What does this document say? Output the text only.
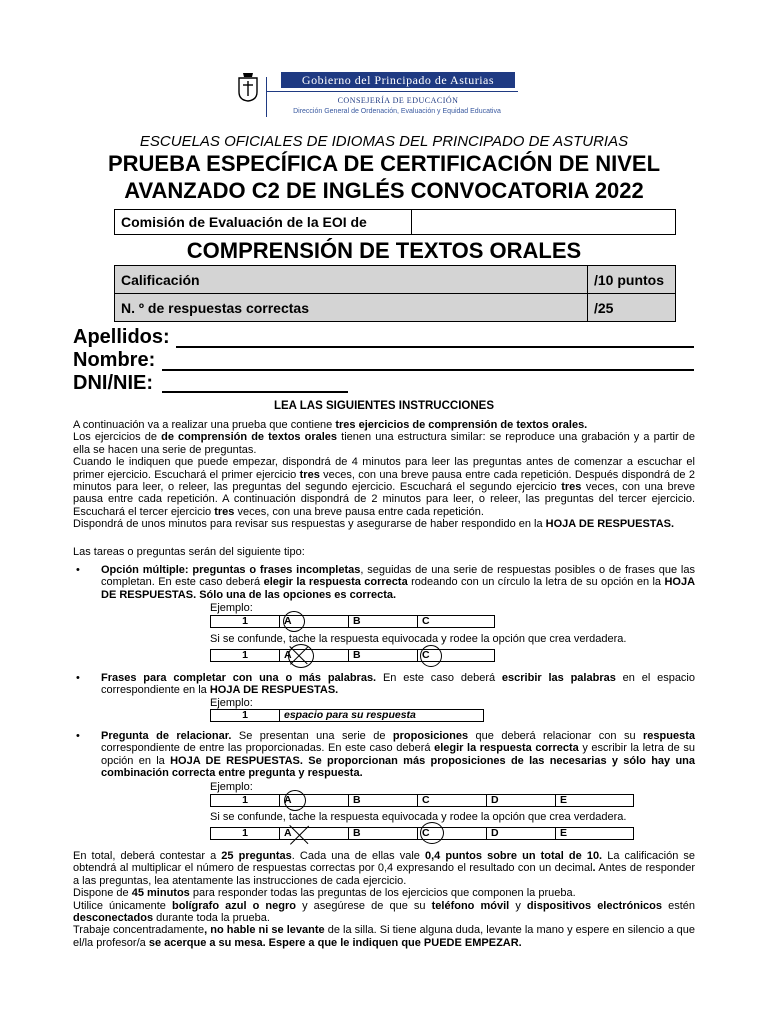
Gobierno del Principado de Asturias
CONSEJERÍA DE EDUCACIÓN
Dirección General de Ordenación, Evaluación y Equidad Educativa
ESCUELAS OFICIALES DE IDIOMAS DEL PRINCIPADO DE ASTURIAS
PRUEBA ESPECÍFICA DE CERTIFICACIÓN DE NIVEL
AVANZADO C2 DE INGLÉS CONVOCATORIA 2022
Comisión de Evaluación de la EOI de	
COMPRENSIÓN DE TEXTOS ORALES
Calificación	/10 puntos
N. º de respuestas correctas	/25
Apellidos:
Nombre:
DNI/NIE:
LEA LAS SIGUIENTES INSTRUCCIONES
A continuación va a realizar una prueba que contiene tres ejercicios de comprensión de textos orales.
Los ejercicios de de comprensión de textos orales tienen una estructura similar: se reproduce una grabación y a partir de ella se hacen una serie de preguntas.
Cuando le indiquen que puede empezar, dispondrá de 4 minutos para leer las preguntas antes de comenzar a escuchar el primer ejercicio. Escuchará el primer ejercicio tres veces, con una breve pausa entre cada repetición. Después dispondrá de 2 minutos para leer, o releer, las preguntas del segundo ejercicio. Escuchará el segundo ejercicio tres veces, con una breve pausa entre cada repetición. A continuación dispondrá de 2 minutos para leer, o releer, las preguntas del tercer ejercicio. Escuchará el tercer ejercicio tres veces, con una breve pausa entre cada repetición.
Dispondrá de unos minutos para revisar sus respuestas y asegurarse de haber respondido en la HOJA DE RESPUESTAS.
Las tareas o preguntas serán del siguiente tipo:
• Opción múltiple: preguntas o frases incompletas, seguidas de una serie de respuestas posibles o de frases que las completan. En este caso deberá elegir la respuesta correcta rodeando con un círculo la letra de su opción en la HOJA DE RESPUESTAS. Sólo una de las opciones es correcta.
Ejemplo:
1	A	B	C
Si se confunde, tache la respuesta equivocada y rodee la opción que crea verdadera.
1	A	B	C
• Frases para completar con una o más palabras. En este caso deberá escribir las palabras en el espacio correspondiente en la HOJA DE RESPUESTAS.
Ejemplo:
1	espacio para su respuesta
• Pregunta de relacionar. Se presentan una serie de proposiciones que deberá relacionar con su respuesta correspondiente de entre las proporcionadas. En este caso deberá elegir la respuesta correcta y escribir la letra de su opción en la HOJA DE RESPUESTAS. Se proporcionan más proposiciones de las necesarias y sólo hay una combinación correcta entre pregunta y respuesta.
Ejemplo:
1	A	B	C	D	E
Si se confunde, tache la respuesta equivocada y rodee la opción que crea verdadera.
1	A	B	C	D	E
En total, deberá contestar a 25 preguntas. Cada una de ellas vale 0,4 puntos sobre un total de 10. La calificación se obtendrá al multiplicar el número de respuestas correctas por 0,4 expresando el resultado con un decimal. Antes de responder a las preguntas, lea atentamente las instrucciones de cada ejercicio.
Dispone de 45 minutos para responder todas las preguntas de los ejercicios que componen la prueba.
Utilice únicamente bolígrafo azul o negro y asegúrese de que su teléfono móvil y dispositivos electrónicos estén desconectados durante toda la prueba.
Trabaje concentradamente, no hable ni se levante de la silla. Si tiene alguna duda, levante la mano y espere en silencio a que el/la profesor/a se acerque a su mesa. Espere a que le indiquen que PUEDE EMPEZAR.
